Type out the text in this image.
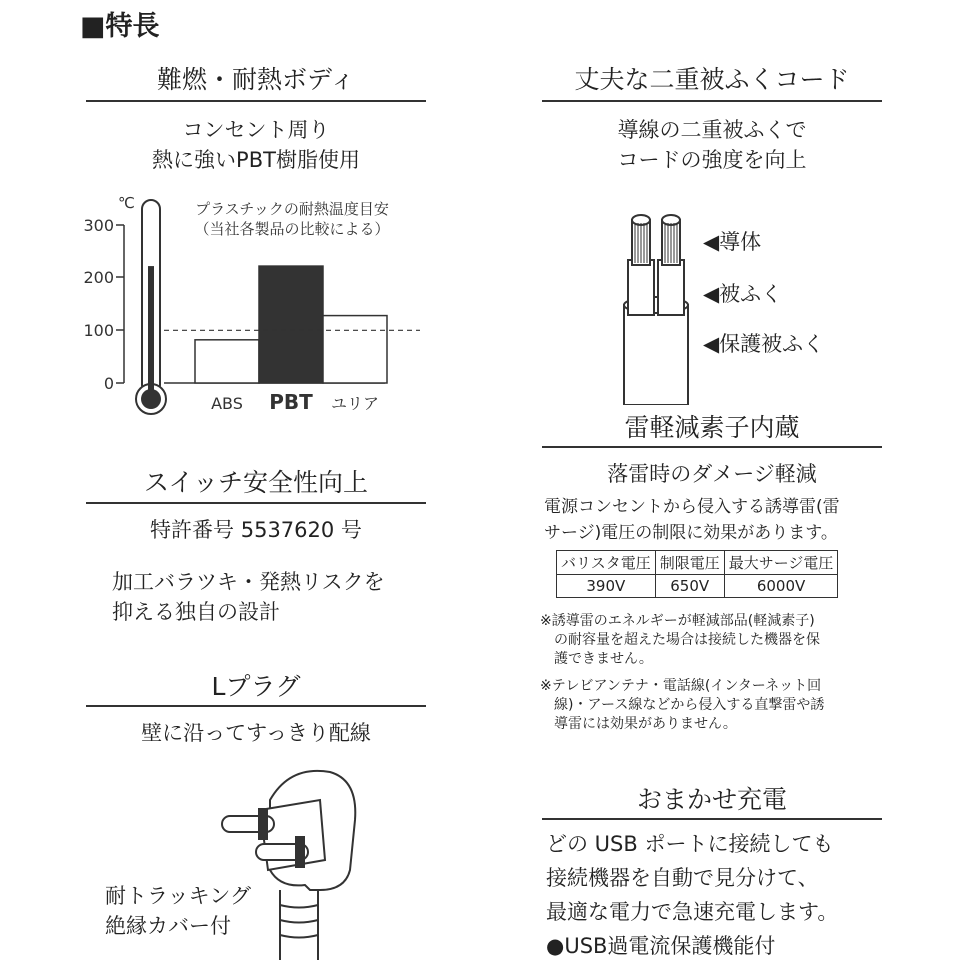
■特長
難燃・耐熱ボディ
コンセント周り
熱に強いPBT樹脂使用
℃	プラスチックの耐熱温度目安
（当社各製品の比較による）
300
200
100
0
ABS PBT ユリア
スイッチ安全性向上
特許番号 5537620 号
加工バラツキ・発熱リスクを
抑える独自の設計
Lプラグ
壁に沿ってすっきり配線
耐トラッキング
絶縁カバー付
丈夫な二重被ふくコード
導線の二重被ふくで
コードの強度を向上
◀導体
◀被ふく
◀保護被ふく
雷軽減素子内蔵
落雷時のダメージ軽減
電源コンセントから侵入する誘導雷(雷
サージ)電圧の制限に効果があります。
バリスタ電圧	制限電圧	最大サージ電圧
390V	650V	6000V
※誘導雷のエネルギーが軽減部品(軽減素子)
の耐容量を超えた場合は接続した機器を保
護できません。
※テレビアンテナ・電話線(インターネット回
線)・アース線などから侵入する直撃雷や誘
導雷には効果がありません。
おまかせ充電
どの USB ポートに接続しても
接続機器を自動で見分けて、
最適な電力で急速充電します。
●USB過電流保護機能付
